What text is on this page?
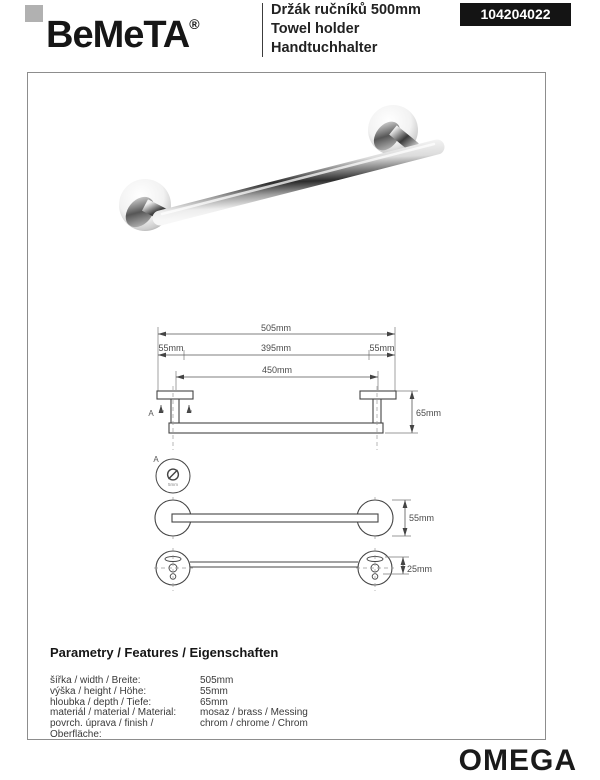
BeMeTA®
Držák ručníků 500mm
Towel holder
Handtuchhalter
104204022
505mm
55mm	395mm	55mm
450mm
65mm
A
A
5mm
55mm
25mm
Parametry / Features / Eigenschaften
šířka / width / Breite:	505mm
výška / height / Höhe:	55mm
hloubka / depth / Tiefe:	65mm
materiál / material / Material:	mosaz / brass / Messing
povrch. úprava / finish / Oberfläche:
chrom / chrome / Chrom
OMEGA
